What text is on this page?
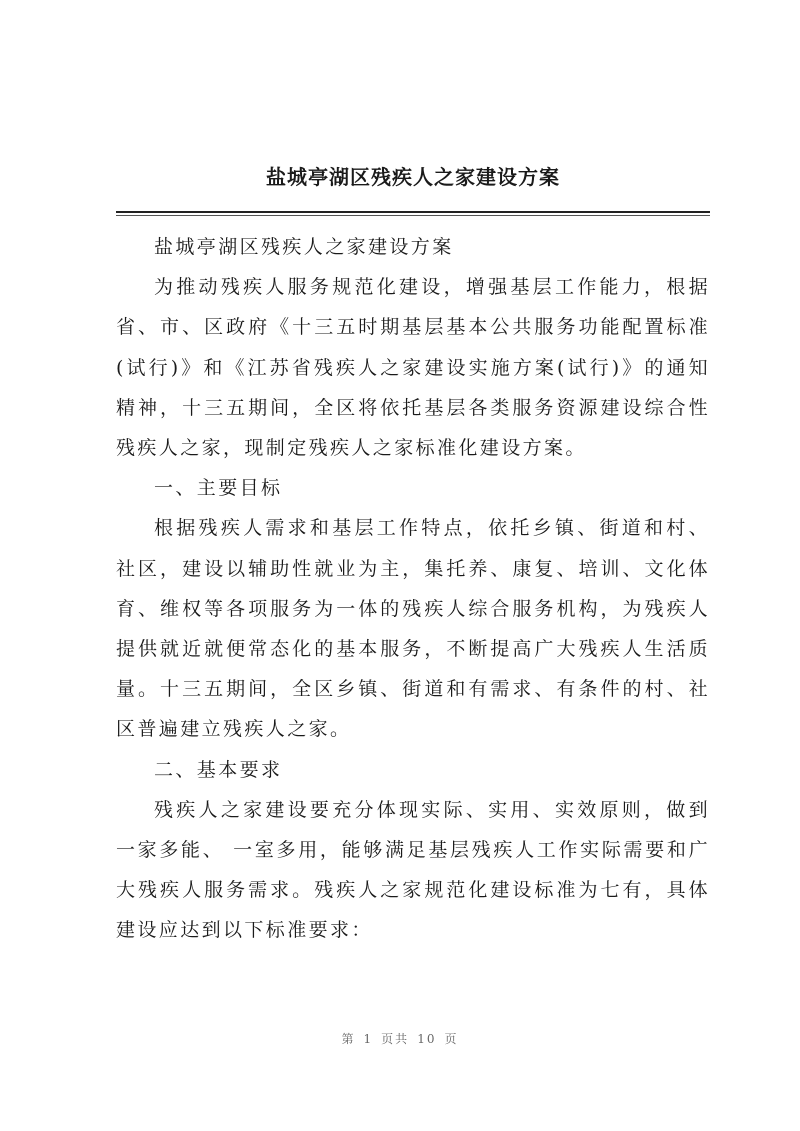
盐城亭湖区残疾人之家建设方案

盐城亭湖区残疾人之家建设方案

为推动残疾人服务规范化建设，增强基层工作能力，根据省、市、区政府《十三五时期基层基本公共服务功能配置标准(试行)》和《江苏省残疾人之家建设实施方案(试行)》的通知精神，十三五期间，全区将依托基层各类服务资源建设综合性残疾人之家，现制定残疾人之家标准化建设方案。

一、主要目标

根据残疾人需求和基层工作特点，依托乡镇、街道和村、社区，建设以辅助性就业为主，集托养、康复、培训、文化体育、维权等各项服务为一体的残疾人综合服务机构，为残疾人提供就近就便常态化的基本服务，不断提高广大残疾人生活质量。十三五期间，全区乡镇、街道和有需求、有条件的村、社区普遍建立残疾人之家。

二、基本要求

残疾人之家建设要充分体现实际、实用、实效原则，做到一家多能、 一室多用，能够满足基层残疾人工作实际需要和广大残疾人服务需求。残疾人之家规范化建设标准为七有，具体建设应达到以下标准要求：

第 1 页共 10 页
